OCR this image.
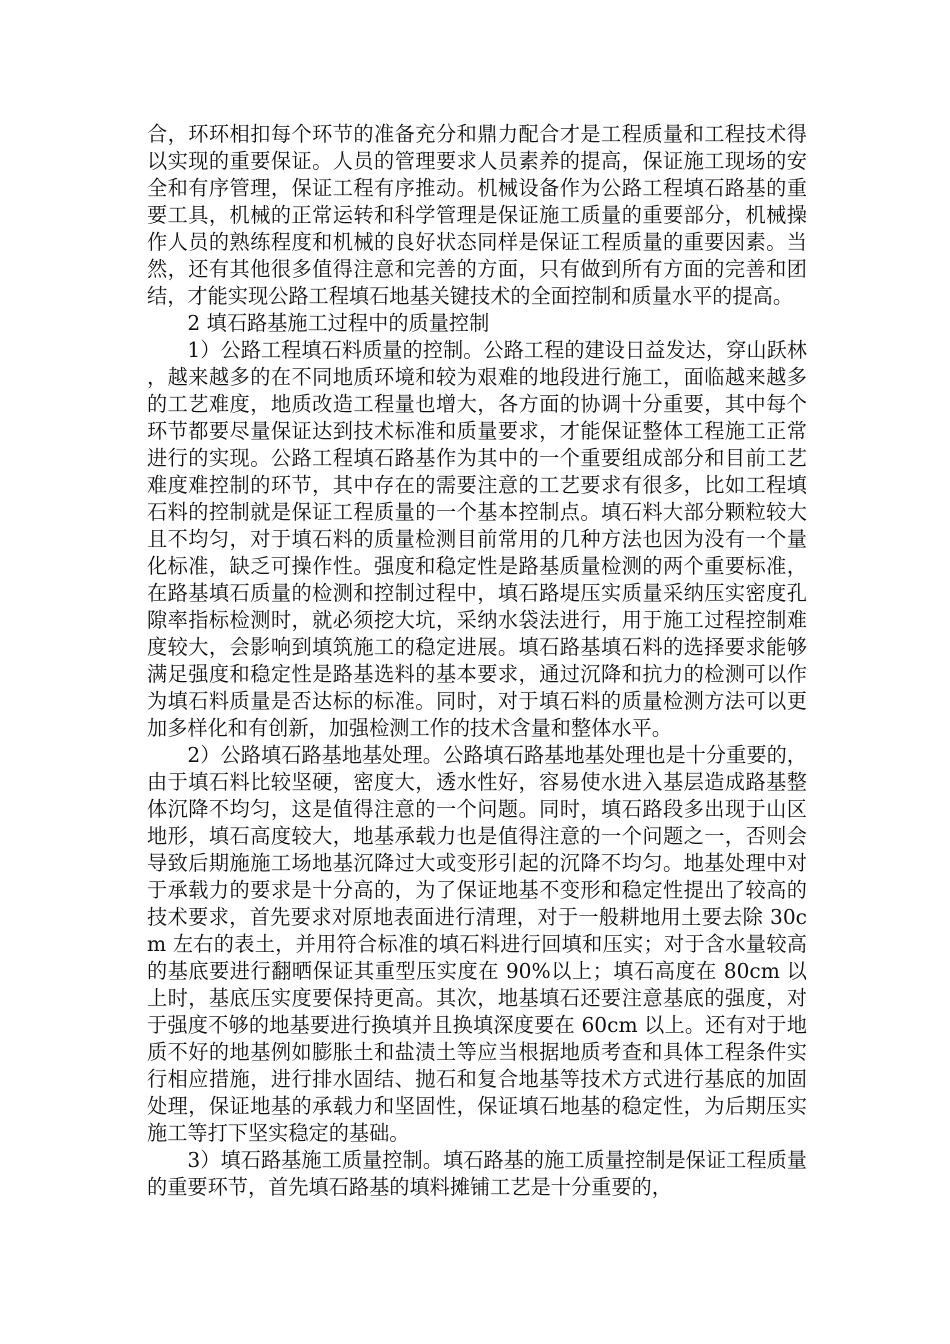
合，环环相扣每个环节的准备充分和鼎力配合才是工程质量和工程技术得以实现的重要保证。人员的管理要求人员素养的提高，保证施工现场的安全和有序管理，保证工程有序推动。机械设备作为公路工程填石路基的重要工具，机械的正常运转和科学管理是保证施工质量的重要部分，机械操作人员的熟练程度和机械的良好状态同样是保证工程质量的重要因素。当然，还有其他很多值得注意和完善的方面，只有做到所有方面的完善和团结，才能实现公路工程填石地基关键技术的全面控制和质量水平的提高。

2 填石路基施工过程中的质量控制

1）公路工程填石料质量的控制。公路工程的建设日益发达，穿山跃林，越来越多的在不同地质环境和较为艰难的地段进行施工，面临越来越多的工艺难度，地质改造工程量也增大，各方面的协调十分重要，其中每个环节都要尽量保证达到技术标准和质量要求，才能保证整体工程施工正常进行的实现。公路工程填石路基作为其中的一个重要组成部分和目前工艺难度难控制的环节，其中存在的需要注意的工艺要求有很多，比如工程填石料的控制就是保证工程质量的一个基本控制点。填石料大部分颗粒较大且不均匀，对于填石料的质量检测目前常用的几种方法也因为没有一个量化标准，缺乏可操作性。强度和稳定性是路基质量检测的两个重要标准，在路基填石质量的检测和控制过程中，填石路堤压实质量采纳压实密度孔隙率指标检测时，就必须挖大坑，采纳水袋法进行，用于施工过程控制难度较大，会影响到填筑施工的稳定进展。填石路基填石料的选择要求能够满足强度和稳定性是路基选料的基本要求，通过沉降和抗力的检测可以作为填石料质量是否达标的标准。同时，对于填石料的质量检测方法可以更加多样化和有创新，加强检测工作的技术含量和整体水平。

2）公路填石路基地基处理。公路填石路基地基处理也是十分重要的，由于填石料比较坚硬，密度大，透水性好，容易使水进入基层造成路基整体沉降不均匀，这是值得注意的一个问题。同时，填石路段多出现于山区地形，填石高度较大，地基承载力也是值得注意的一个问题之一，否则会导致后期施施工场地基沉降过大或变形引起的沉降不均匀。地基处理中对于承载力的要求是十分高的，为了保证地基不变形和稳定性提出了较高的技术要求，首先要求对原地表面进行清理，对于一般耕地用土要去除 30cm 左右的表土，并用符合标准的填石料进行回填和压实；对于含水量较高的基底要进行翻晒保证其重型压实度在 90%以上；填石高度在 80cm 以上时，基底压实度要保持更高。其次，地基填石还要注意基底的强度，对于强度不够的地基要进行换填并且换填深度要在 60cm 以上。还有对于地质不好的地基例如膨胀土和盐渍土等应当根据地质考查和具体工程条件实行相应措施，进行排水固结、抛石和复合地基等技术方式进行基底的加固处理，保证地基的承载力和坚固性，保证填石地基的稳定性，为后期压实施工等打下坚实稳定的基础。

3）填石路基施工质量控制。填石路基的施工质量控制是保证工程质量的重要环节，首先填石路基的填料摊铺工艺是十分重要的，
